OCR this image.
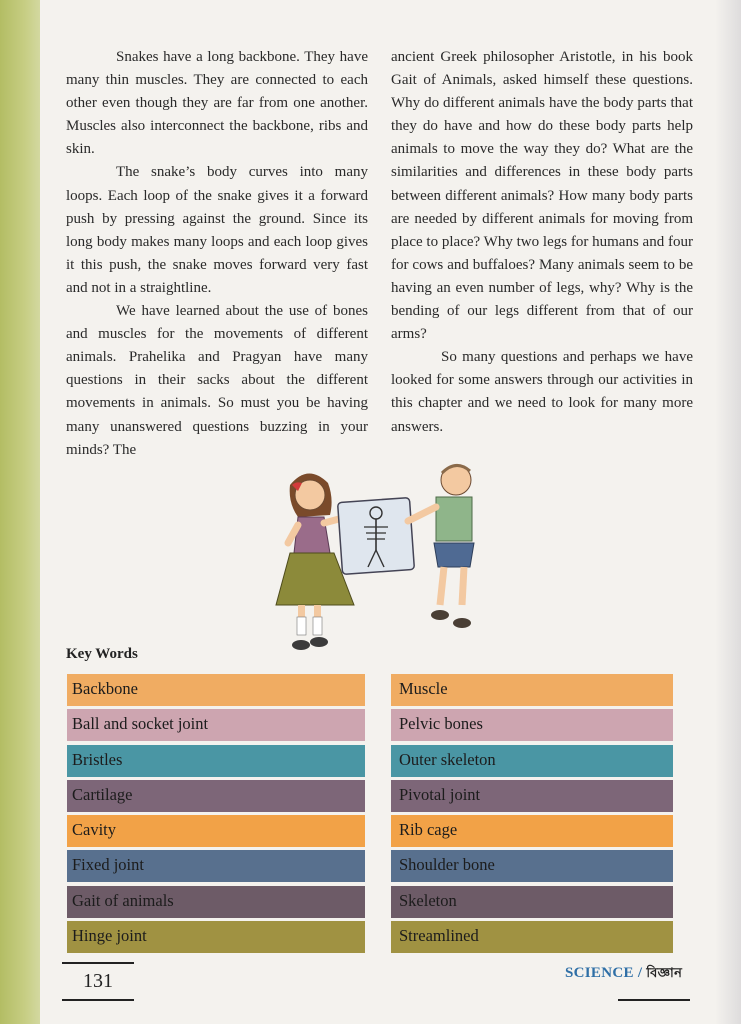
Snakes have a long backbone. They have many thin muscles. They are connected to each other even though they are far from one another. Muscles also interconnect the backbone, ribs and skin.

The snake’s body curves into many loops. Each loop of the snake gives it a forward push by pressing against the ground. Since its long body makes many loops and each loop gives it this push, the snake moves forward very fast and not in a straightline.

We have learned about the use of bones and muscles for the movements of different animals. Prahelika and Pragyan have many questions in their sacks about the different movements in animals. So must you be having many unanswered questions buzzing in your minds? The

ancient Greek philosopher Aristotle, in his book Gait of Animals, asked himself these questions. Why do different animals have the body parts that they do have and how do these body parts help animals to move the way they do? What are the similarities and differences in these body parts between different animals? How many body parts are needed by different animals for moving from place to place? Why two legs for humans and four for cows and buffaloes? Many animals seem to be having an even number of legs, why? Why is the bending of our legs different from that of our arms?

So many questions and perhaps we have looked for some answers through our activities in this chapter and we need to look for many more answers.

Key Words
Backbone
Ball and socket joint
Bristles
Cartilage
Cavity
Fixed joint
Gait of animals
Hinge joint
Muscle
Pelvic bones
Outer skeleton
Pivotal joint
Rib cage
Shoulder bone
Skeleton
Streamlined
131	SCIENCE / বিজ্ঞান
